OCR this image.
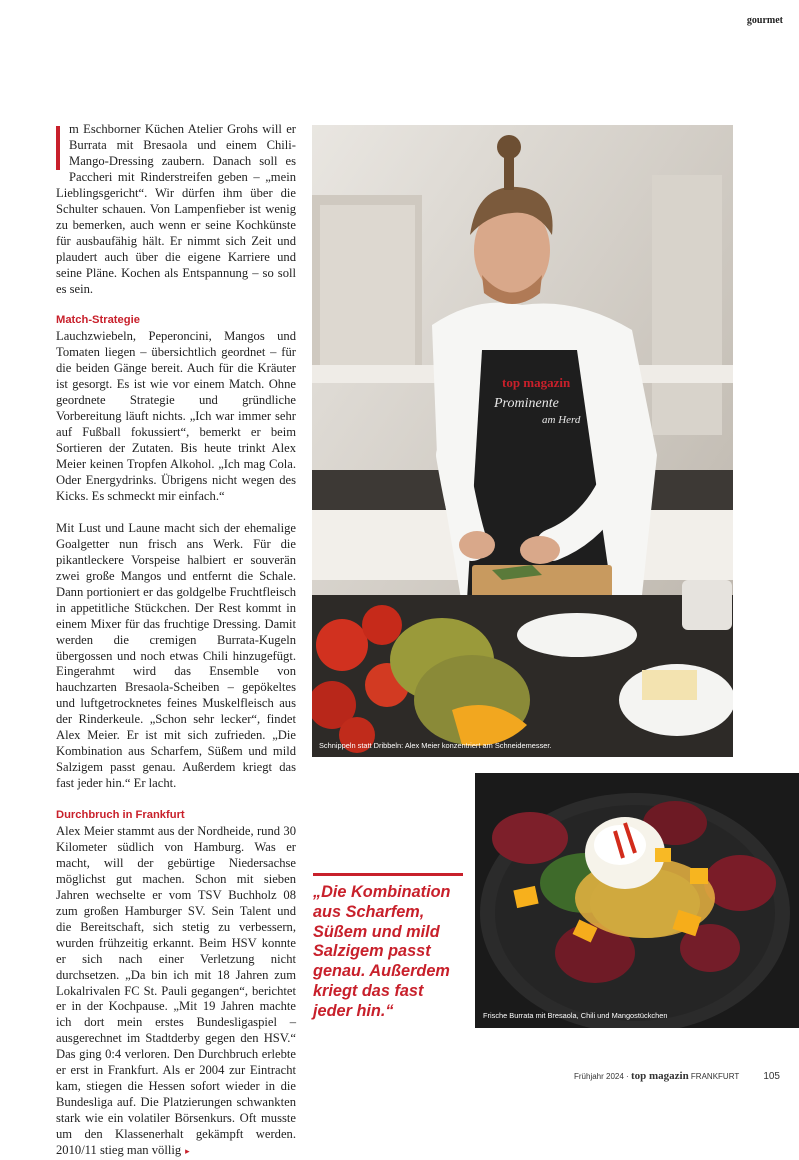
gourmet

m Eschborner Küchen Atelier Grohs will er Burrata mit Bresaola und einem Chili-Mango-Dressing zaubern. Danach soll es Paccheri mit Rinderstreifen geben – „mein Lieblingsgericht“. Wir dürfen ihm über die Schulter schauen. Von Lampenfieber ist wenig zu bemerken, auch wenn er seine Kochkünste für ausbaufähig hält. Er nimmt sich Zeit und plaudert auch über die eigene Karriere und seine Pläne. Kochen als Entspannung – so soll es sein.

Match-Strategie

Lauchzwiebeln, Peperoncini, Mangos und Tomaten liegen – übersichtlich geordnet – für die beiden Gänge bereit. Auch für die Kräuter ist gesorgt. Es ist wie vor einem Match. Ohne geordnete Strategie und gründliche Vorbereitung läuft nichts. „Ich war immer sehr auf Fußball fokussiert“, bemerkt er beim Sortieren der Zutaten. Bis heute trinkt Alex Meier keinen Tropfen Alkohol. „Ich mag Cola. Oder Energydrinks. Übrigens nicht wegen des Kicks. Es schmeckt mir einfach.“

Mit Lust und Laune macht sich der ehemalige Goalgetter nun frisch ans Werk. Für die pikantleckere Vorspeise halbiert er souverän zwei große Mangos und entfernt die Schale. Dann portioniert er das goldgelbe Fruchtfleisch in appetitliche Stückchen. Der Rest kommt in einem Mixer für das fruchtige Dressing. Damit werden die cremigen Burrata-Kugeln übergossen und noch etwas Chili hinzugefügt. Eingerahmt wird das Ensemble von hauchzarten Bresaola-Scheiben – gepökeltes und luftgetrocknetes feines Muskelfleisch aus der Rinderkeule. „Schon sehr lecker“, findet Alex Meier. Er ist mit sich zufrieden. „Die Kombination aus Scharfem, Süßem und mild Salzigem passt genau. Außerdem kriegt das fast jeder hin.“ Er lacht.

Durchbruch in Frankfurt

Alex Meier stammt aus der Nordheide, rund 30 Kilometer südlich von Hamburg. Was er macht, will der gebürtige Niedersachse möglichst gut machen. Schon mit sieben Jahren wechselte er vom TSV Buchholz 08 zum großen Hamburger SV. Sein Talent und die Bereitschaft, sich stetig zu verbessern, wurden frühzeitig erkannt. Beim HSV konnte er sich nach einer Verletzung nicht durchsetzen. „Da bin ich mit 18 Jahren zum Lokalrivalen FC St. Pauli gegangen“, berichtet er in der Kochpause. „Mit 19 Jahren machte ich dort mein erstes Bundesligaspiel – ausgerechnet im Stadtderby gegen den HSV.“ Das ging 0:4 verloren. Den Durchbruch erlebte er erst in Frankfurt. Als er 2004 zur Eintracht kam, stiegen die Hessen sofort wieder in die Bundesliga auf. Die Platzierungen schwankten stark wie ein volatiler Börsenkurs. Oft musste um den Klassenerhalt gekämpft werden. 2010/11 stieg man völlig ▸

top magazin
Prominente
am Herd
Schnippeln statt Dribbeln: Alex Meier konzentriert am Schneidemesser.
Frische Burrata mit Bresaola, Chili und Mangostückchen
„Die Kombination aus Scharfem, Süßem und mild Salzigem passt genau. Außerdem kriegt das fast jeder hin.“
Frühjahr 2024 · top magazin FRANKFURT 105
